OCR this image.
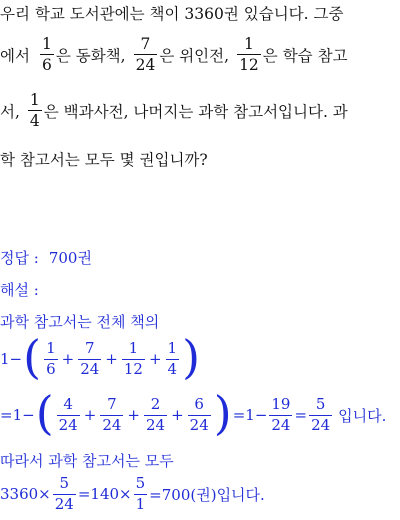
우리 학교 도서관에는 책이 3360권 있습니다. 그중
에서 $\frac{1}{6}$ 은 동화책, $\frac{7}{24}$ 은 위인전, $\frac{1}{12}$ 은 학습 참고
서, $\frac{1}{4}$ 은 백과사전, 나머지는 과학 참고서입니다. 과
학 참고서는 모두 몇 권입니까?
정답 : 700권
해설 :
과학 참고서는 전체 책의
1− ( $\frac{1}{6} + \frac{7}{24} + \frac{1}{12} + \frac{1}{4}$ )
=1− ( $\frac{4}{24} + \frac{7}{24} + \frac{2}{24} + \frac{6}{24}$ ) $=1- \frac{19}{24} = \frac{5}{24}$ 입니다.
따라서 과학 참고서는 모두
$3360\times \frac{5}{24} =140\times \frac{5}{1} =700$(권)입니다.
